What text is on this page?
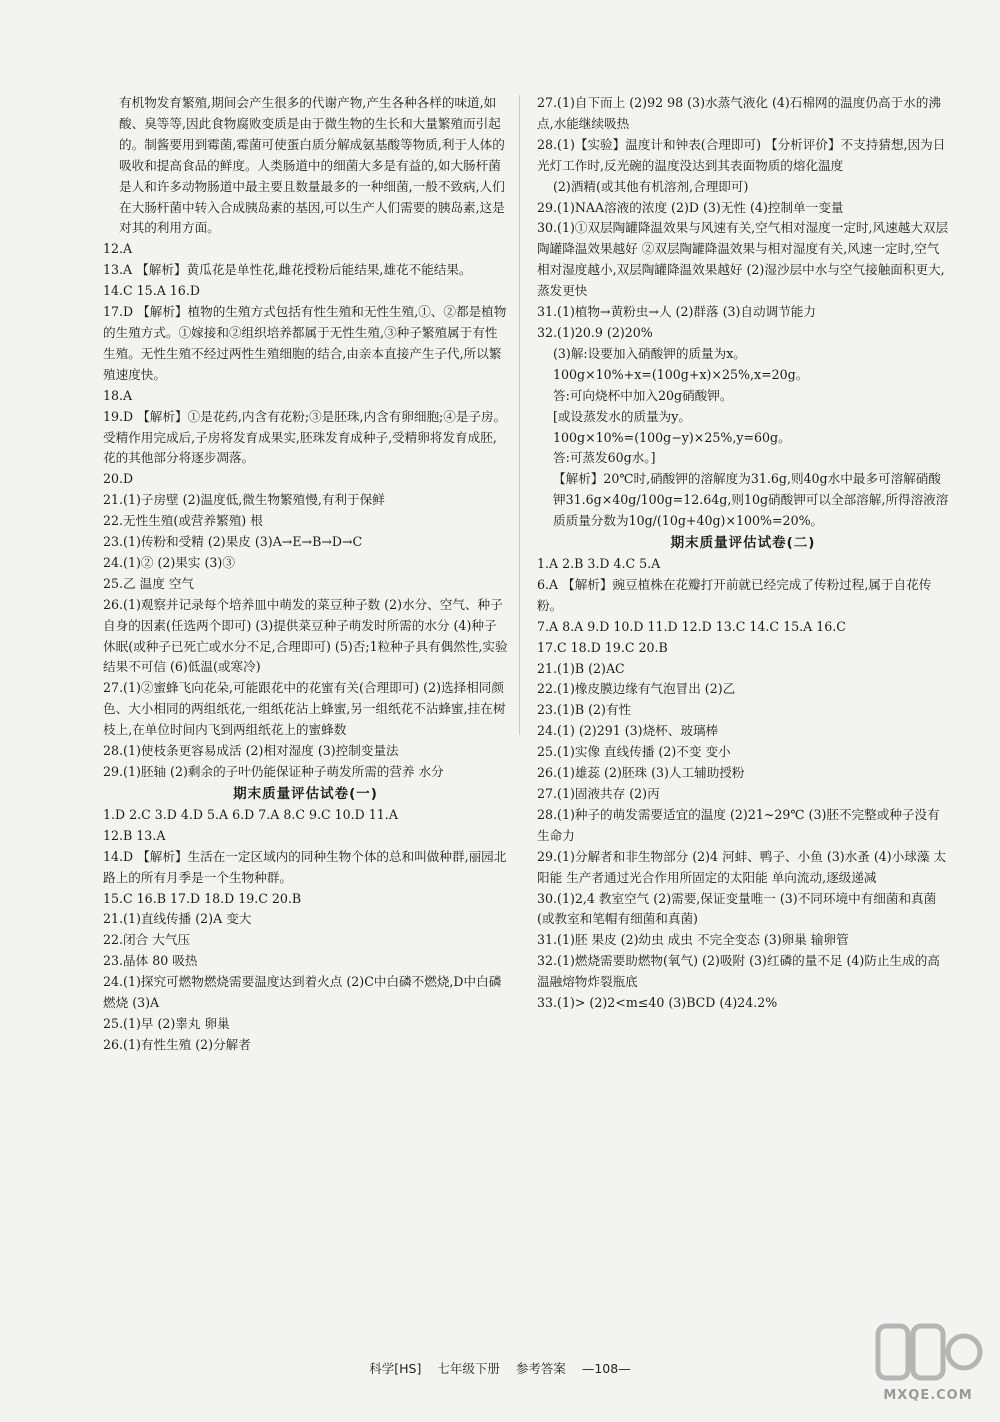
有机物发育繁殖,期间会产生很多的代谢产物,产生各种各样的味道,如酸、臭等等,因此食物腐败变质是由于微生物的生长和大量繁殖而引起的。制酱要用到霉菌,霉菌可使蛋白质分解成氨基酸等物质,利于人体的吸收和提高食品的鲜度。人类肠道中的细菌大多是有益的,如大肠杆菌是人和许多动物肠道中最主要且数量最多的一种细菌,一般不致病,人们在大肠杆菌中转入合成胰岛素的基因,可以生产人们需要的胰岛素,这是对其的利用方面。

12.A

13.A 【解析】黄瓜花是单性花,雌花授粉后能结果,雄花不能结果。

14.C 15.A 16.D

17.D 【解析】植物的生殖方式包括有性生殖和无性生殖,①、②都是植物的生殖方式。①嫁接和②组织培养都属于无性生殖,③种子繁殖属于有性生殖。无性生殖不经过两性生殖细胞的结合,由亲本直接产生子代,所以繁殖速度快。

18.A

19.D 【解析】①是花药,内含有花粉;③是胚珠,内含有卵细胞;④是子房。受精作用完成后,子房将发育成果实,胚珠发育成种子,受精卵将发育成胚,花的其他部分将逐步凋落。

20.D

21.(1)子房壁 (2)温度低,微生物繁殖慢,有利于保鲜

22.无性生殖(或营养繁殖) 根

23.(1)传粉和受精 (2)果皮 (3)A→E→B→D→C

24.(1)② (2)果实 (3)③

25.乙 温度 空气

26.(1)观察并记录每个培养皿中萌发的菜豆种子数 (2)水分、空气、种子自身的因素(任选两个即可) (3)提供菜豆种子萌发时所需的水分 (4)种子休眠(或种子已死亡或水分不足,合理即可) (5)否;1粒种子具有偶然性,实验结果不可信 (6)低温(或寒冷)

27.(1)②蜜蜂飞向花朵,可能跟花中的花蜜有关(合理即可) (2)选择相同颜色、大小相同的两组纸花,一组纸花沾上蜂蜜,另一组纸花不沾蜂蜜,挂在树枝上,在单位时间内飞到两组纸花上的蜜蜂数

28.(1)使枝条更容易成活 (2)相对湿度 (3)控制变量法

29.(1)胚轴 (2)剩余的子叶仍能保证种子萌发所需的营养 水分

期末质量评估试卷(一)

1.D 2.C 3.D 4.D 5.A 6.D 7.A 8.C 9.C 10.D 11.A

12.B 13.A

14.D 【解析】生活在一定区域内的同种生物个体的总和叫做种群,丽园北路上的所有月季是一个生物种群。

15.C 16.B 17.D 18.D 19.C 20.B

21.(1)直线传播 (2)A 变大

22.闭合 大气压

23.晶体 80 吸热

24.(1)探究可燃物燃烧需要温度达到着火点 (2)C中白磷不燃烧,D中白磷燃烧 (3)A

25.(1)早 (2)睾丸 卵巢

26.(1)有性生殖 (2)分解者

27.(1)自下而上 (2)92 98 (3)水蒸气液化 (4)石棉网的温度仍高于水的沸点,水能继续吸热

28.(1)【实验】温度计和钟表(合理即可) 【分析评价】不支持猜想,因为日光灯工作时,反光碗的温度没达到其表面物质的熔化温度

(2)酒精(或其他有机溶剂,合理即可)

29.(1)NAA溶液的浓度 (2)D (3)无性 (4)控制单一变量

30.(1)①双层陶罐降温效果与风速有关,空气相对湿度一定时,风速越大双层陶罐降温效果越好 ②双层陶罐降温效果与相对湿度有关,风速一定时,空气相对湿度越小,双层陶罐降温效果越好 (2)湿沙层中水与空气接触面积更大,蒸发更快

31.(1)植物→黄粉虫→人 (2)群落 (3)自动调节能力

32.(1)20.9 (2)20%

(3)解:设要加入硝酸钾的质量为x。

100g×10%+x=(100g+x)×25%,x=20g。

答:可向烧杯中加入20g硝酸钾。

[或设蒸发水的质量为y。

100g×10%=(100g−y)×25%,y=60g。

答:可蒸发60g水。]

【解析】20℃时,硝酸钾的溶解度为31.6g,则40g水中最多可溶解硝酸钾31.6g×40g/100g=12.64g,则10g硝酸钾可以全部溶解,所得溶液溶质质量分数为10g/(10g+40g)×100%=20%。

期末质量评估试卷(二)

1.A 2.B 3.D 4.C 5.A

6.A 【解析】豌豆植株在花瓣打开前就已经完成了传粉过程,属于自花传粉。

7.A 8.A 9.D 10.D 11.D 12.D 13.C 14.C 15.A 16.C

17.C 18.D 19.C 20.B

21.(1)B (2)AC

22.(1)橡皮膜边缘有气泡冒出 (2)乙

23.(1)B (2)有性

24.(1) (2)291 (3)烧杯、玻璃棒

25.(1)实像 直线传播 (2)不变 变小

26.(1)雄蕊 (2)胚珠 (3)人工辅助授粉

27.(1)固液共存 (2)丙

28.(1)种子的萌发需要适宜的温度 (2)21~29℃ (3)胚不完整或种子没有生命力

29.(1)分解者和非生物部分 (2)4 河蚌、鸭子、小鱼 (3)水蚤 (4)小球藻 太阳能 生产者通过光合作用所固定的太阳能 单向流动,逐级递减

30.(1)2,4 教室空气 (2)需要,保证变量唯一 (3)不同环境中有细菌和真菌(或教室和笔帽有细菌和真菌)

31.(1)胚 果皮 (2)幼虫 成虫 不完全变态 (3)卵巢 输卵管

32.(1)燃烧需要助燃物(氧气) (2)吸附 (3)红磷的量不足 (4)防止生成的高温融熔物炸裂瓶底

33.(1)> (2)2<m≤40 (3)BCD (4)24.2%

科学[HS] 七年级下册 参考答案 —108—
MXQE.COM
